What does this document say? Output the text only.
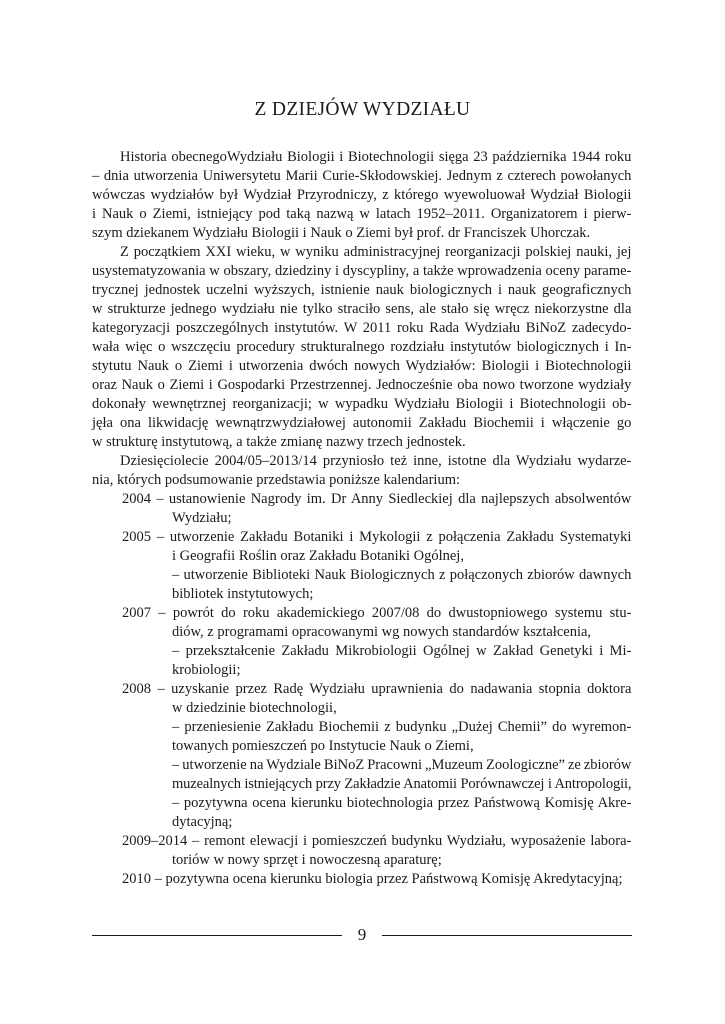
Z DZIEJÓW WYDZIAŁU
Historia obecnegoWydziału Biologii i Biotechnologii sięga 23 października 1944 roku
– dnia utworzenia Uniwersytetu Marii Curie-Skłodowskiej. Jednym z czterech powołanych
wówczas wydziałów był Wydział Przyrodniczy, z którego wyewoluował Wydział Biologii
i Nauk o Ziemi, istniejący pod taką nazwą w latach 1952–2011. Organizatorem i pierw-
szym dziekanem Wydziału Biologii i Nauk o Ziemi był prof. dr Franciszek Uhorczak.
Z początkiem XXI wieku, w wyniku administracyjnej reorganizacji polskiej nauki, jej
usystematyzowania w obszary, dziedziny i dyscypliny, a także wprowadzenia oceny parame-
trycznej jednostek uczelni wyższych, istnienie nauk biologicznych i nauk geograficznych
w strukturze jednego wydziału nie tylko straciło sens, ale stało się wręcz niekorzystne dla
kategoryzacji poszczególnych instytutów. W 2011 roku Rada Wydziału BiNoZ zadecydo-
wała więc o wszczęciu procedury strukturalnego rozdziału instytutów biologicznych i In-
stytutu Nauk o Ziemi i utworzenia dwóch nowych Wydziałów: Biologii i Biotechnologii
oraz Nauk o Ziemi i Gospodarki Przestrzennej. Jednocześnie oba nowo tworzone wydziały
dokonały wewnętrznej reorganizacji; w wypadku Wydziału Biologii i Biotechnologii ob-
jęła ona likwidację wewnątrzwydziałowej autonomii Zakładu Biochemii i włączenie go
w strukturę instytutową, a także zmianę nazwy trzech jednostek.
Dziesięciolecie 2004/05–2013/14 przyniosło też inne, istotne dla Wydziału wydarze-
nia, których podsumowanie przedstawia poniższe kalendarium:
2004 – ustanowienie Nagrody im. Dr Anny Siedleckiej dla najlepszych absolwentów
Wydziału;
2005 – utworzenie Zakładu Botaniki i Mykologii z połączenia Zakładu Systematyki
i Geografii Roślin oraz Zakładu Botaniki Ogólnej,
– utworzenie Biblioteki Nauk Biologicznych z połączonych zbiorów dawnych
bibliotek instytutowych;
2007 – powrót do roku akademickiego 2007/08 do dwustopniowego systemu stu-
diów, z programami opracowanymi wg nowych standardów kształcenia,
– przekształcenie Zakładu Mikrobiologii Ogólnej w Zakład Genetyki i Mi-
krobiologii;
2008 – uzyskanie przez Radę Wydziału uprawnienia do nadawania stopnia doktora
w dziedzinie biotechnologii,
– przeniesienie Zakładu Biochemii z budynku „Dużej Chemii” do wyremon-
towanych pomieszczeń po Instytucie Nauk o Ziemi,
– utworzenie na Wydziale BiNoZ Pracowni „Muzeum Zoologiczne” ze zbiorów
muzealnych istniejących przy Zakładzie Anatomii Porównawczej i Antropologii,
– pozytywna ocena kierunku biotechnologia przez Państwową Komisję Akre-
dytacyjną;
2009–2014 – remont elewacji i pomieszczeń budynku Wydziału, wyposażenie labora-
toriów w nowy sprzęt i nowoczesną aparaturę;
2010 – pozytywna ocena kierunku biologia przez Państwową Komisję Akredytacyjną;
9
